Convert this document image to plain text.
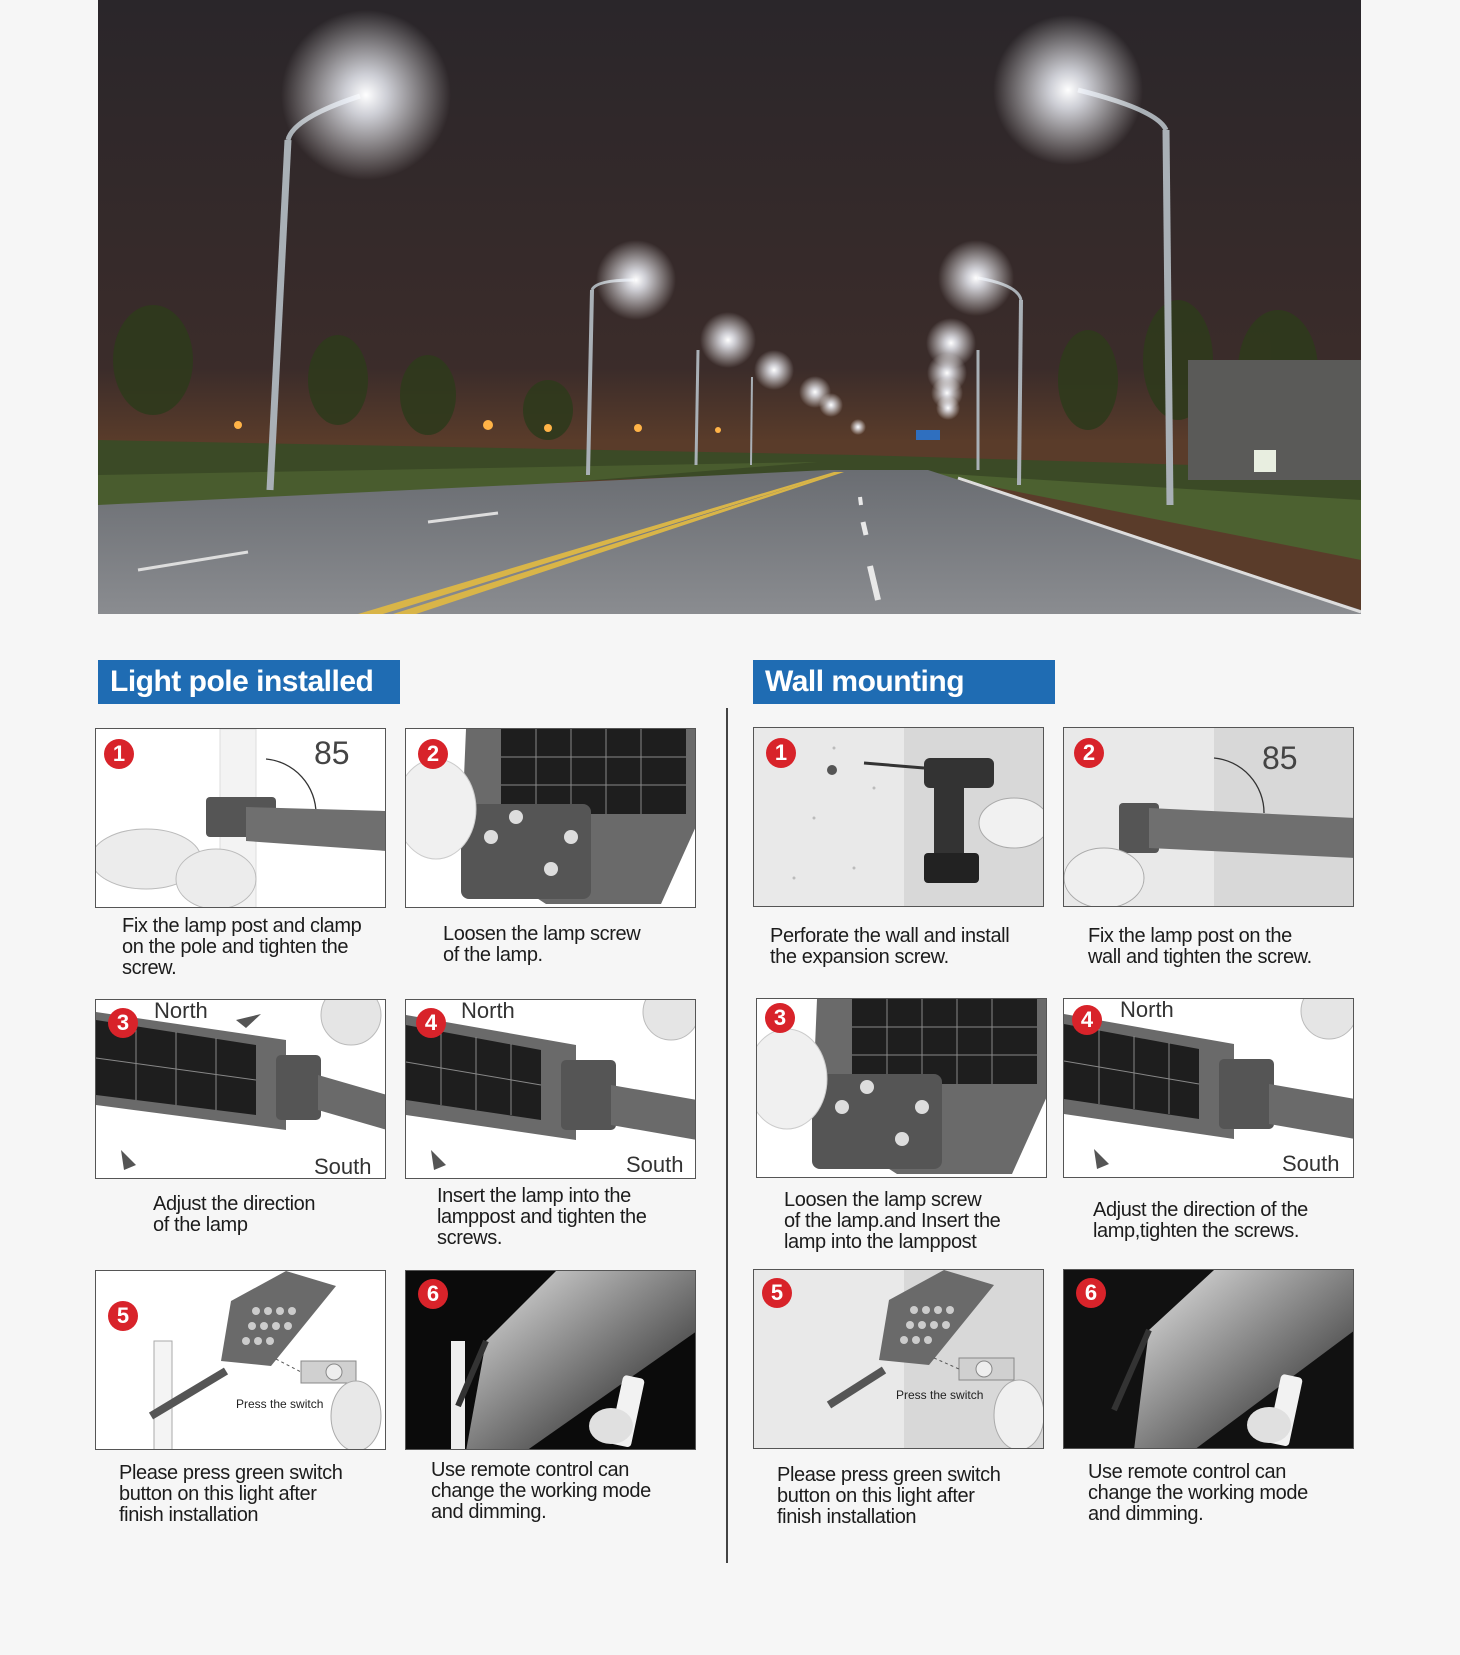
Light pole installed	Wall mounting
1	85
Fix the lamp post and clamp
on the pole and tighten the
screw.
2
Loosen the lamp screw
of the lamp.
3	North
South
Adjust the direction
of the lamp
4	North
South
Insert the lamp into the
lamppost and tighten the
screws.
5
Press the switch
Please press green switch
button on this light after
finish installation
6
Use remote control can
change the working mode
and dimming.
1
Perforate the wall and install
the expansion screw.
2	85
Fix the lamp post on the
wall and tighten the screw.
3
Loosen the lamp screw
of the lamp.and Insert the
lamp into the lamppost
4	North
South
Adjust the direction of the
lamp,tighten the screws.
5
Press the switch
Please press green switch
button on this light after
finish installation
6
Use remote control can
change the working mode
and dimming.
